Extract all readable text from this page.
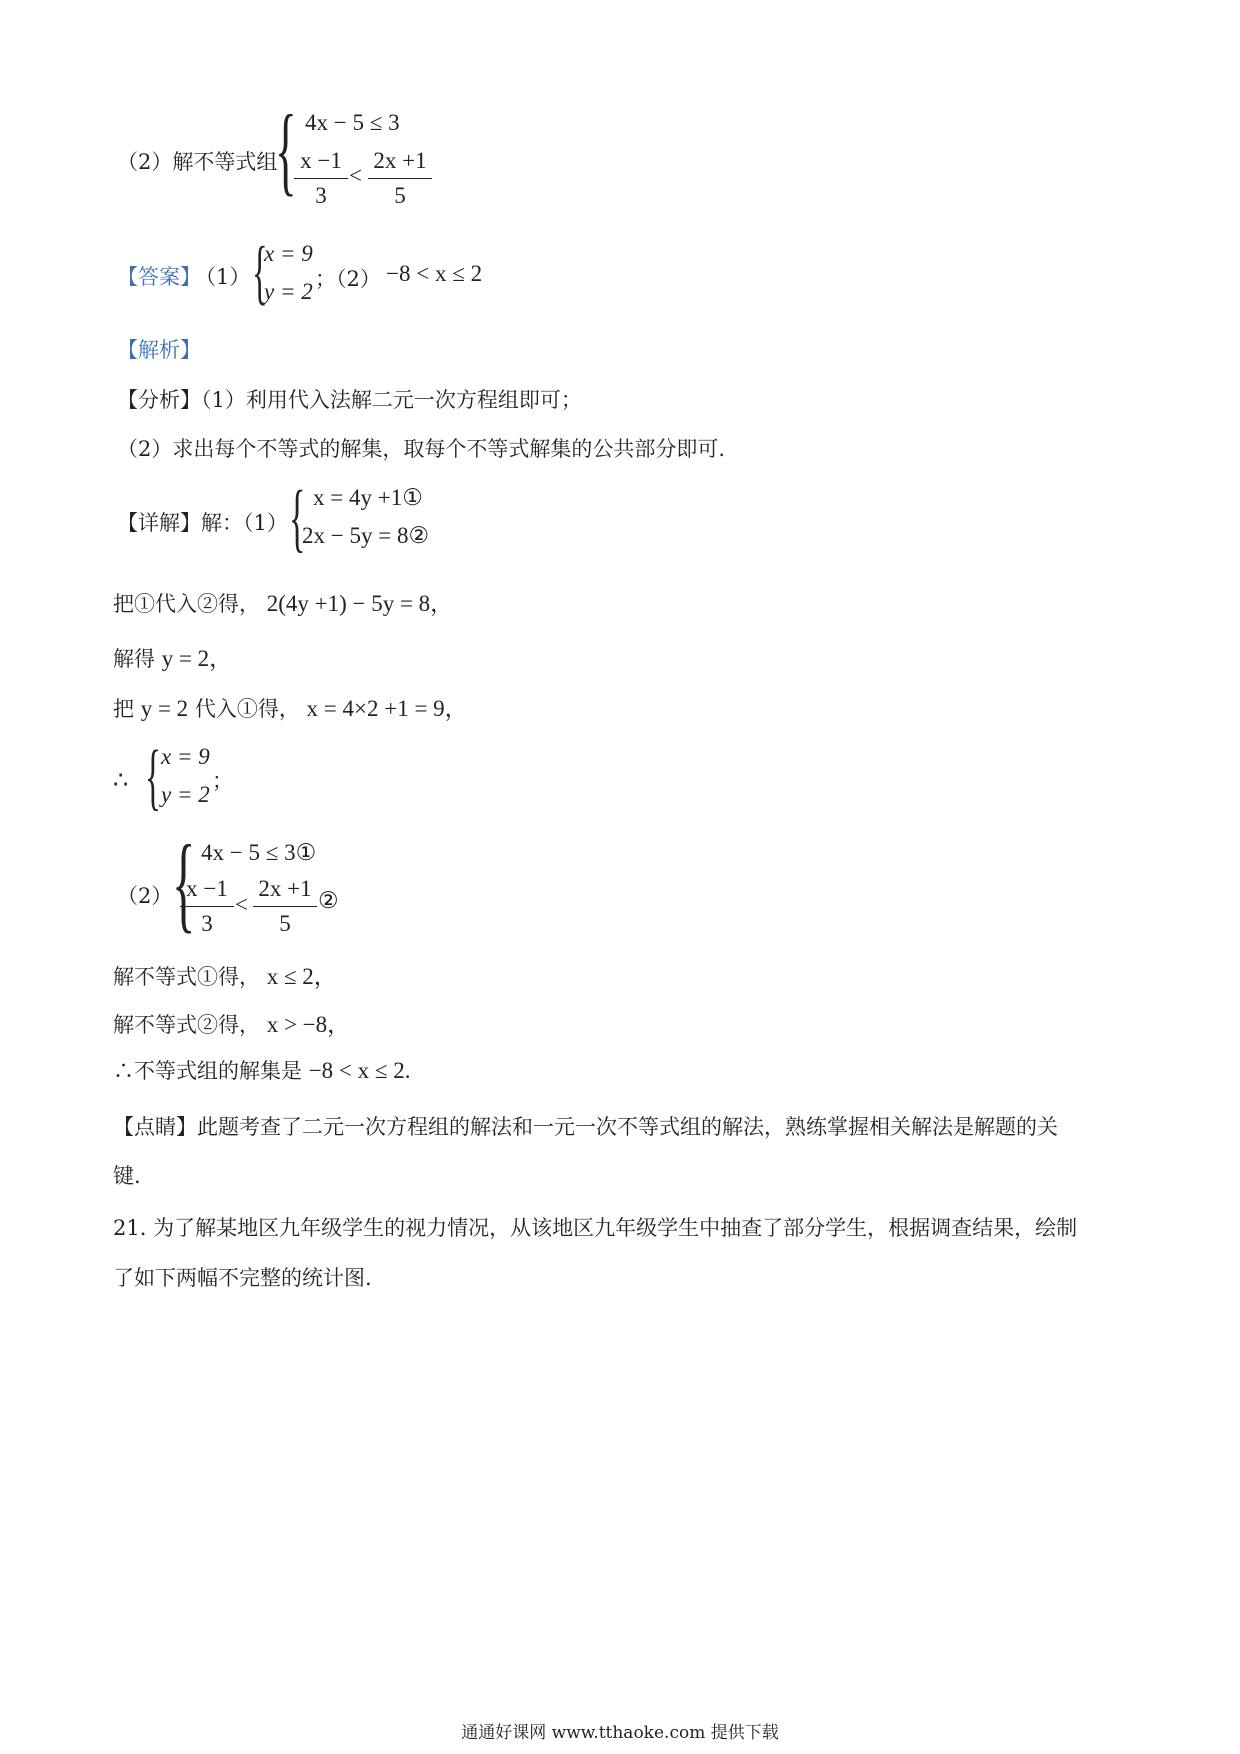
（2）解不等式组
{ 4x − 5 ≤ 3
x −1
3
<
2x +1
5
【答案】
（1） {
x = 9
y = 2 ；（2） −8 < x ≤ 2
【解析】
【分析】（1）利用代入法解二元一次方程组即可；
（2）求出每个不等式的解集，取每个不等式解集的公共部分即可.
【详解】解：（1） { x = 4y +1①
2x − 5y = 8②
把①代入②得， 2(4y +1) − 5y = 8，
解得 y = 2，
把 y = 2 代入①得， x = 4×2 +1 = 9，
∴ { x = 9
y = 2
；
（2） { 4x − 5 ≤ 3①
x −1
3
<
2x +1
5
②
解不等式①得， x ≤ 2，
解不等式②得， x > −8，
∴不等式组的解集是 −8 < x ≤ 2.
【点睛】此题考查了二元一次方程组的解法和一元一次不等式组的解法，熟练掌握相关解法是解题的关
键.
21. 为了解某地区九年级学生的视力情况，从该地区九年级学生中抽查了部分学生，根据调查结果，绘制
了如下两幅不完整的统计图.
通通好课网 www.tthaoke.com 提供下载
